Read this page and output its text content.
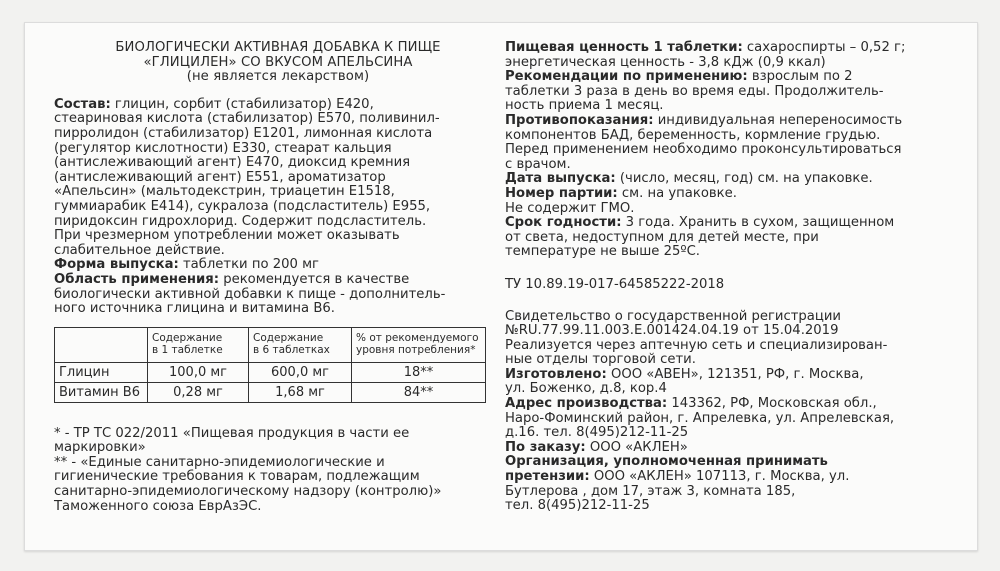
БИОЛОГИЧЕСКИ АКТИВНАЯ ДОБАВКА К ПИЩЕ
«ГЛИЦИЛЕН» СО ВКУСОМ АПЕЛЬСИНА
(не является лекарством)

Состав: глицин, сорбит (стабилизатор) Е420,

стеариновая кислота (стабилизатор) Е570, поливинил-

пирролидон (стабилизатор) Е1201, лимонная кислота

(регулятор кислотности) Е330, стеарат кальция

(антислеживающий агент) Е470, диоксид кремния

(антислеживающий агент) Е551, ароматизатор

«Апельсин» (мальтодекстрин, триацетин Е1518,

гуммиарабик Е414), сукралоза (подсластитель) Е955,

пиридоксин гидрохлорид. Содержит подсластитель.

При чрезмерном употреблении может оказывать

слабительное действие.

Форма выпуска: таблетки по 200 мг

Область применения: рекомендуется в качестве

биологически активной добавки к пище - дополнитель-

ного источника глицина и витамина В6.

	Содержание
в 1 таблетке	Содержание
в 6 таблетках	% от рекомендуемого
уровня потребления*
Глицин	100,0 мг	600,0 мг	18**
Витамин В6	0,28 мг	1,68 мг	84**

* - ТР ТС 022/2011 «Пищевая продукция в части ее

маркировки»

** - «Единые санитарно-эпидемиологические и

гигиенические требования к товарам, подлежащим

санитарно-эпидемиологическому надзору (контролю)»

Таможенного союза ЕврАзЭС.

Пищевая ценность 1 таблетки: сахароспирты – 0,52 г;

энергетическая ценность - 3,8 кДж (0,9 ккал)

Рекомендации по применению: взрослым по 2

таблетки 3 раза в день во время еды. Продолжитель-

ность приема 1 месяц.

Противопоказания: индивидуальная непереносимость

компонентов БАД, беременность, кормление грудью.

Перед применением необходимо проконсультироваться

с врачом.

Дата выпуска: (число, месяц, год) см. на упаковке.

Номер партии: см. на упаковке.

Не содержит ГМО.

Срок годности: 3 года. Хранить в сухом, защищенном

от света, недоступном для детей месте, при

температуре не выше 25ºС.

ТУ 10.89.19-017-64585222-2018

Свидетельство о государственной регистрации

№RU.77.99.11.003.Е.001424.04.19 от 15.04.2019

Реализуется через аптечную сеть и специализирован-

ные отделы торговой сети.

Изготовлено: ООО «АВЕН», 121351, РФ, г. Москва,

ул. Боженко, д.8, кор.4

Адрес производства: 143362, РФ, Московская обл.,

Наро-Фоминский район, г. Апрелевка, ул. Апрелевская,

д.16. тел. 8(495)212-11-25

По заказу: ООО «АКЛЕН»

Организация, уполномоченная принимать

претензии: ООО «АКЛЕН» 107113, г. Москва, ул.

Бутлерова , дом 17, этаж 3, комната 185,

тел. 8(495)212-11-25
